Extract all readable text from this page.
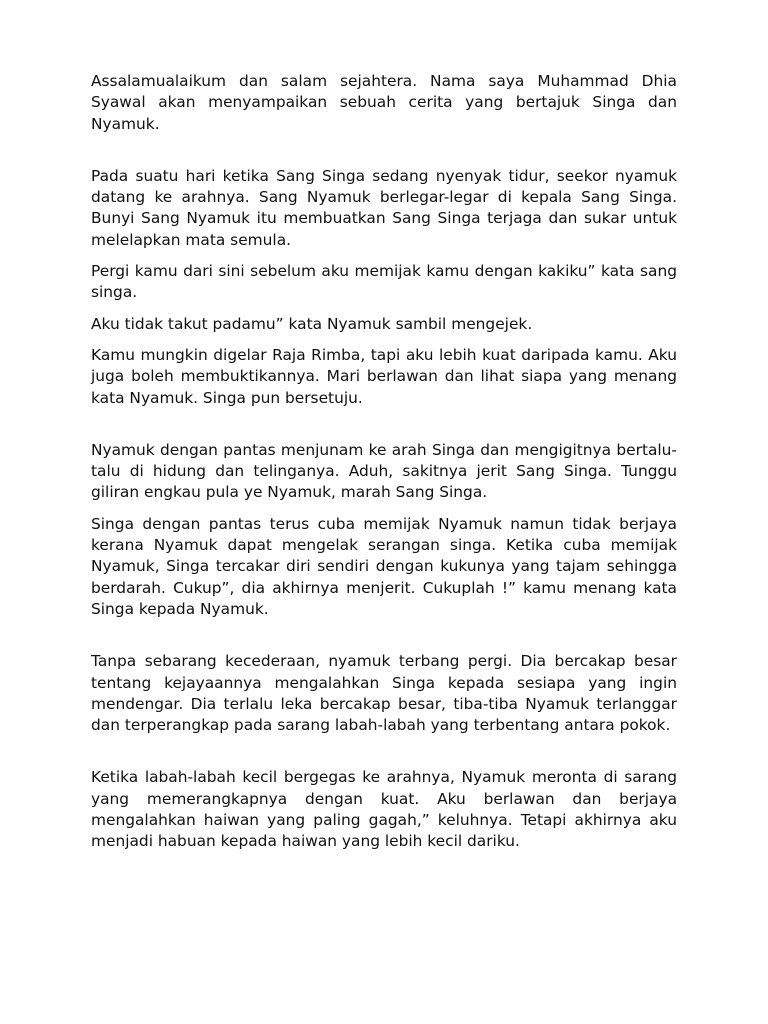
Assalamualaikum dan salam sejahtera. Nama saya Muhammad Dhia Syawal akan menyampaikan sebuah cerita yang bertajuk Singa dan Nyamuk.

Pada suatu hari ketika Sang Singa sedang nyenyak tidur, seekor nyamuk datang ke arahnya. Sang Nyamuk berlegar-legar di kepala Sang Singa. Bunyi Sang Nyamuk itu membuatkan Sang Singa terjaga dan sukar untuk melelapkan mata semula.

Pergi kamu dari sini sebelum aku memijak kamu dengan kakiku” kata sang singa.

Aku tidak takut padamu” kata Nyamuk sambil mengejek.

Kamu mungkin digelar Raja Rimba, tapi aku lebih kuat daripada kamu. Aku juga boleh membuktikannya. Mari berlawan dan lihat siapa yang menang kata Nyamuk. Singa pun bersetuju.

Nyamuk dengan pantas menjunam ke arah Singa dan mengigitnya bertalu-talu di hidung dan telinganya. Aduh, sakitnya jerit Sang Singa. Tunggu giliran engkau pula ye Nyamuk, marah Sang Singa.

Singa dengan pantas terus cuba memijak Nyamuk namun tidak berjaya kerana Nyamuk dapat mengelak serangan singa. Ketika cuba memijak Nyamuk, Singa tercakar diri sendiri dengan kukunya yang tajam sehingga berdarah. Cukup”, dia akhirnya menjerit. Cukuplah !” kamu menang kata Singa kepada Nyamuk.

Tanpa sebarang kecederaan, nyamuk terbang pergi. Dia bercakap besar tentang kejayaannya mengalahkan Singa kepada sesiapa yang ingin mendengar. Dia terlalu leka bercakap besar, tiba-tiba Nyamuk terlanggar dan terperangkap pada sarang labah-labah yang terbentang antara pokok.

Ketika labah-labah kecil bergegas ke arahnya, Nyamuk meronta di sarang yang memerangkapnya dengan kuat. Aku berlawan dan berjaya mengalahkan haiwan yang paling gagah,” keluhnya. Tetapi akhirnya aku menjadi habuan kepada haiwan yang lebih kecil dariku.
